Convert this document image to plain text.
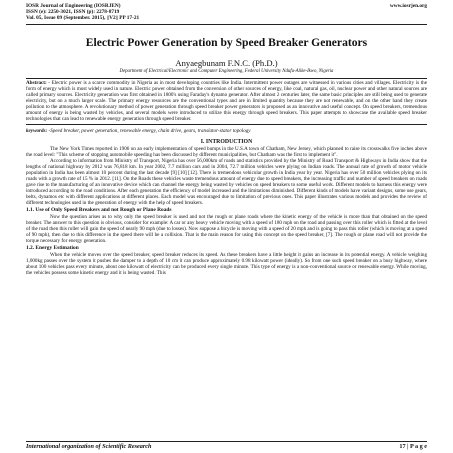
IOSR Journal of Engineering (IOSRJEN)
ISSN (e): 2250-3021, ISSN (p): 2278-8719
Vol. 05, Issue 09 (September. 2015), ||V2|| PP 17-21
www.iosrjen.org
Electric Power Generation by Speed Breaker Generators
Anyaegbunam F.N.C. (Ph.D.)
Department of Electrical/Electronic and Computer Engineering, Federal University Ndufu-Alike-Ikwo, Nigeria
Abstract: - Electric power is a scarce commodity in Nigeria as in most developing countries like India. Intermittent power outages are witnessed in various cities and villages. Electricity is the form of energy which is most widely used in nature. Electric power obtained from the conversion of other sources of energy, like coal, natural gas, oil, nuclear power and other natural sources are called primary sources. Electricity generation was first obtained in 1800's using Faraday's dynamo generator. After almost 2 centuries later, the same basic principles are still being used to generate electricity, but on a much larger scale. The primary energy resources are the conventional types and are in limited quantity because they are not renewable, and on the other hand they create pollution to the atmosphere. A revolutionary method of power generation through speed breaker power generators is proposed as an innovative and useful concept. On speed breakers, tremendous amount of energy is being wasted by vehicles, and several models were introduced to utilize this energy through speed breakers. This paper attempts to showcase the available speed breaker technologies that can lead to renewable energy generation through speed breaker.
keywords: -Speed breaker, power generation, renewable energy, chain drive, gears, translator-stator topology
I. INTRODUCTION

The New York Times reported in 1906 on an early implementation of speed bumps in the U.S.A town of Chatham, New Jersey, which planned to raise its crosswalks five inches above the road level: "This scheme of stopping automobile speeding has been discussed by different municipalities, but Chatham was the first to implement it".

According to information from Ministry of Transport, Nigeria has over 56,000km of roads and statistics provided by the Ministry of Road Transport & Highways in India show that the lengths of national highway by 2012 was 76,818 km. In year 2002, 7.7 million cars and in 2004, 72.7 million vehicles were plying on Indian roads. The annual rate of growth of motor vehicle population in India has been almost 10 percent during the last decade [9] [10] [12]. There is tremendous vehicular growth in India year by year. Nigeria has over 50 million vehicles plying on its roads with a growth rate of 15 % in 2012. [11]. On the Roads these vehicles waste tremendous amount of energy due to speed breakers, the increasing traffic and number of speed breakers on roads gave rise to the manufacturing of an innovative device which can channel the energy being wasted by vehicles on speed breakers to some useful work. Different models to harness this energy were introduced according to the road conditions. After each generation the efficiency of model increased and the limitations diminished. Different kinds of models have variant designs, some use gears, belts, dynamos etc with different applications at different places. Each model was encouraged due to limitation of previous ones. This paper illustrates various models and provides the review of different technologies used in the generation of energy with the help of speed breakers.

1.1. Use of Only Speed Breakers and not Rough or Plane Roads

Now the question arises as to why only the speed breaker is used and not the rough or plane roads where the kinetic energy of the vehicle is more than that obtained on the speed breaker. The answer to this question is obvious, consider for example: A car or any heavy vehicle moving with a speed of 180 mph on the road and passing over this roller which is fitted at the level of the road then this roller will gain the speed of nearly 90 mph (due to losses). Now suppose a bicycle is moving with a speed of 20 mph and is going to pass this roller (which is moving at a speed of 90 mph), then due to this difference in the speed there will be a collision. That is the main reason for using this concept on the speed breaker, [7]. The rough or plane road will not provide the torque necessary for energy generation.

1.2. Energy Estimation

When the vehicle moves over the speed breaker, speed breaker reduces its speed. As these breakers have a little height it gains an increase in its potential energy. A vehicle weighing 1,000kg passes over the system it pushes the damper to a depth of 10 cm it can produce approximately 0.98 kilowatt power (ideally). So from one such speed breaker on a busy highway, where about 100 vehicles pass every minute, about one kilowatt of electricity can be produced every single minute. This type of energy is a non-conventional source or renewable energy. While moving, the vehicles possess some kinetic energy and it is being wasted. This

International organization of Scientific Research	17 | P a g e
